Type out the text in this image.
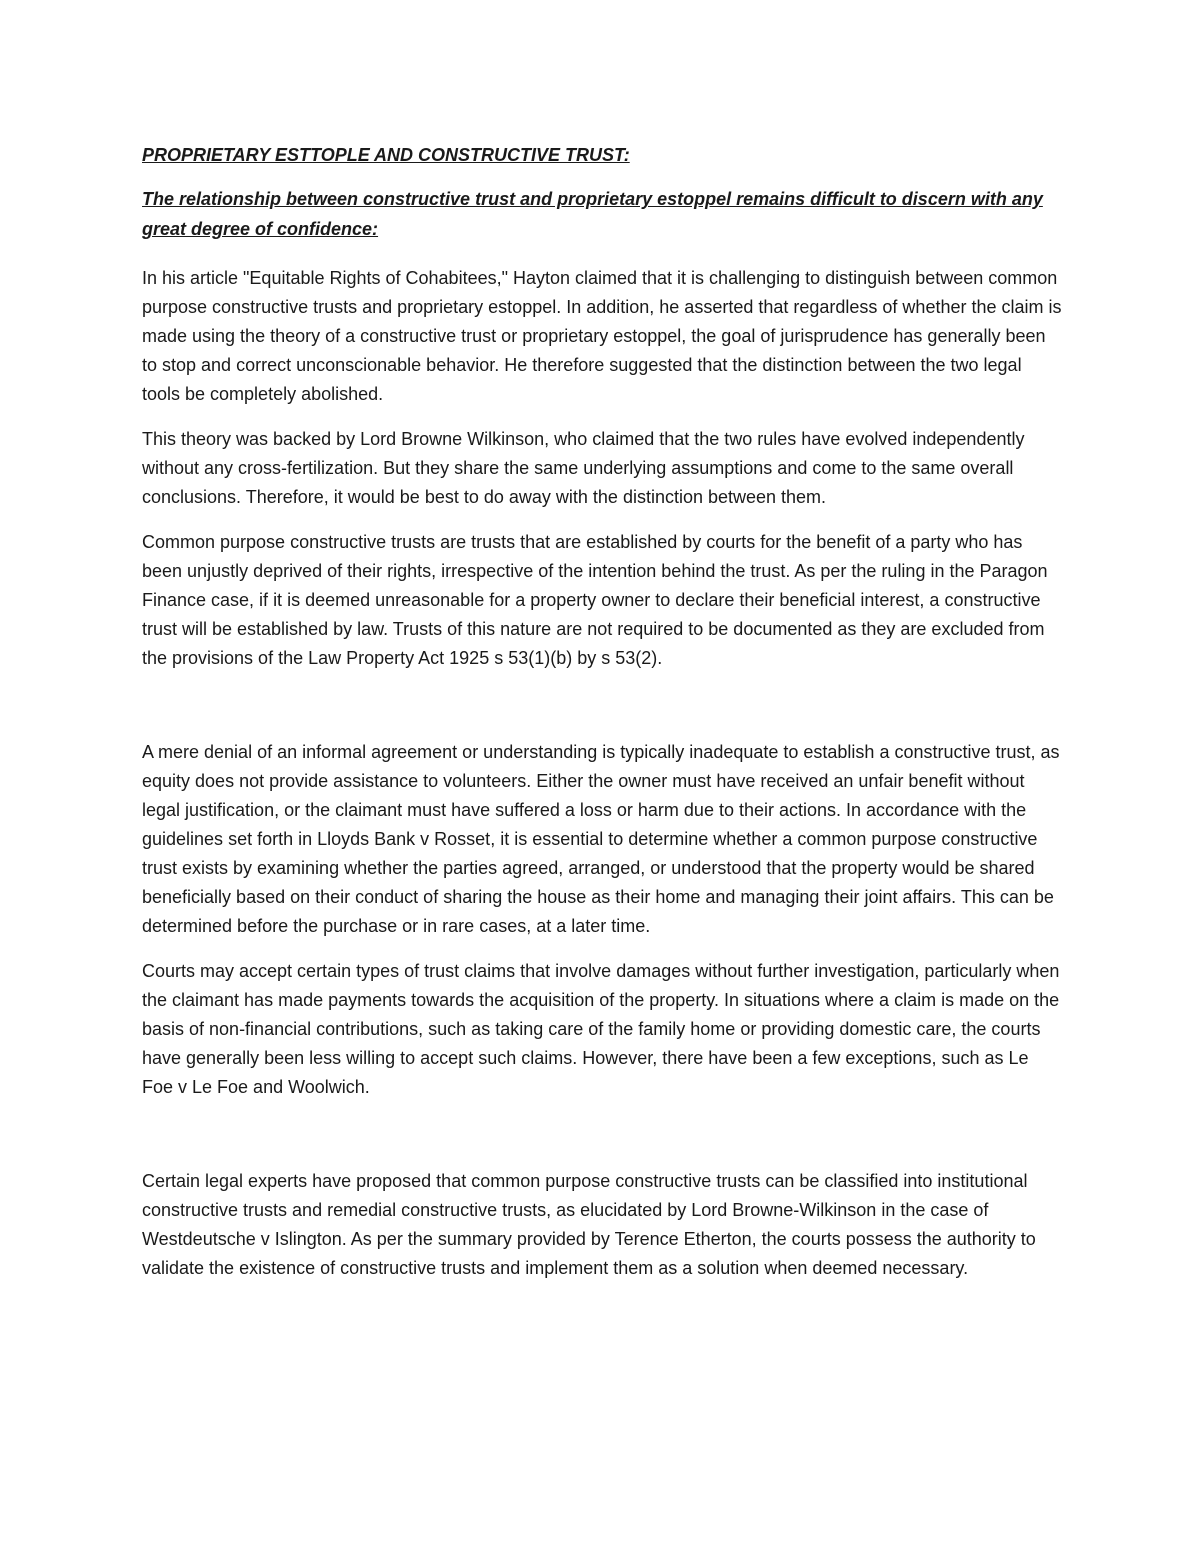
PROPRIETARY ESTTOPLE AND CONSTRUCTIVE TRUST:

The relationship between constructive trust and proprietary estoppel remains difficult to discern with any great degree of confidence:

In his article "Equitable Rights of Cohabitees," Hayton claimed that it is challenging to distinguish between common purpose constructive trusts and proprietary estoppel. In addition, he asserted that regardless of whether the claim is made using the theory of a constructive trust or proprietary estoppel, the goal of jurisprudence has generally been to stop and correct unconscionable behavior. He therefore suggested that the distinction between the two legal tools be completely abolished.

This theory was backed by Lord Browne Wilkinson, who claimed that the two rules have evolved independently without any cross-fertilization. But they share the same underlying assumptions and come to the same overall conclusions. Therefore, it would be best to do away with the distinction between them.

Common purpose constructive trusts are trusts that are established by courts for the benefit of a party who has been unjustly deprived of their rights, irrespective of the intention behind the trust. As per the ruling in the Paragon Finance case, if it is deemed unreasonable for a property owner to declare their beneficial interest, a constructive trust will be established by law. Trusts of this nature are not required to be documented as they are excluded from the provisions of the Law Property Act 1925 s 53(1)(b) by s 53(2).

A mere denial of an informal agreement or understanding is typically inadequate to establish a constructive trust, as equity does not provide assistance to volunteers. Either the owner must have received an unfair benefit without legal justification, or the claimant must have suffered a loss or harm due to their actions. In accordance with the guidelines set forth in Lloyds Bank v Rosset, it is essential to determine whether a common purpose constructive trust exists by examining whether the parties agreed, arranged, or understood that the property would be shared beneficially based on their conduct of sharing the house as their home and managing their joint affairs. This can be determined before the purchase or in rare cases, at a later time.

Courts may accept certain types of trust claims that involve damages without further investigation, particularly when the claimant has made payments towards the acquisition of the property. In situations where a claim is made on the basis of non-financial contributions, such as taking care of the family home or providing domestic care, the courts have generally been less willing to accept such claims. However, there have been a few exceptions, such as Le Foe v Le Foe and Woolwich.

Certain legal experts have proposed that common purpose constructive trusts can be classified into institutional constructive trusts and remedial constructive trusts, as elucidated by Lord Browne-Wilkinson in the case of Westdeutsche v Islington. As per the summary provided by Terence Etherton, the courts possess the authority to validate the existence of constructive trusts and implement them as a solution when deemed necessary.
